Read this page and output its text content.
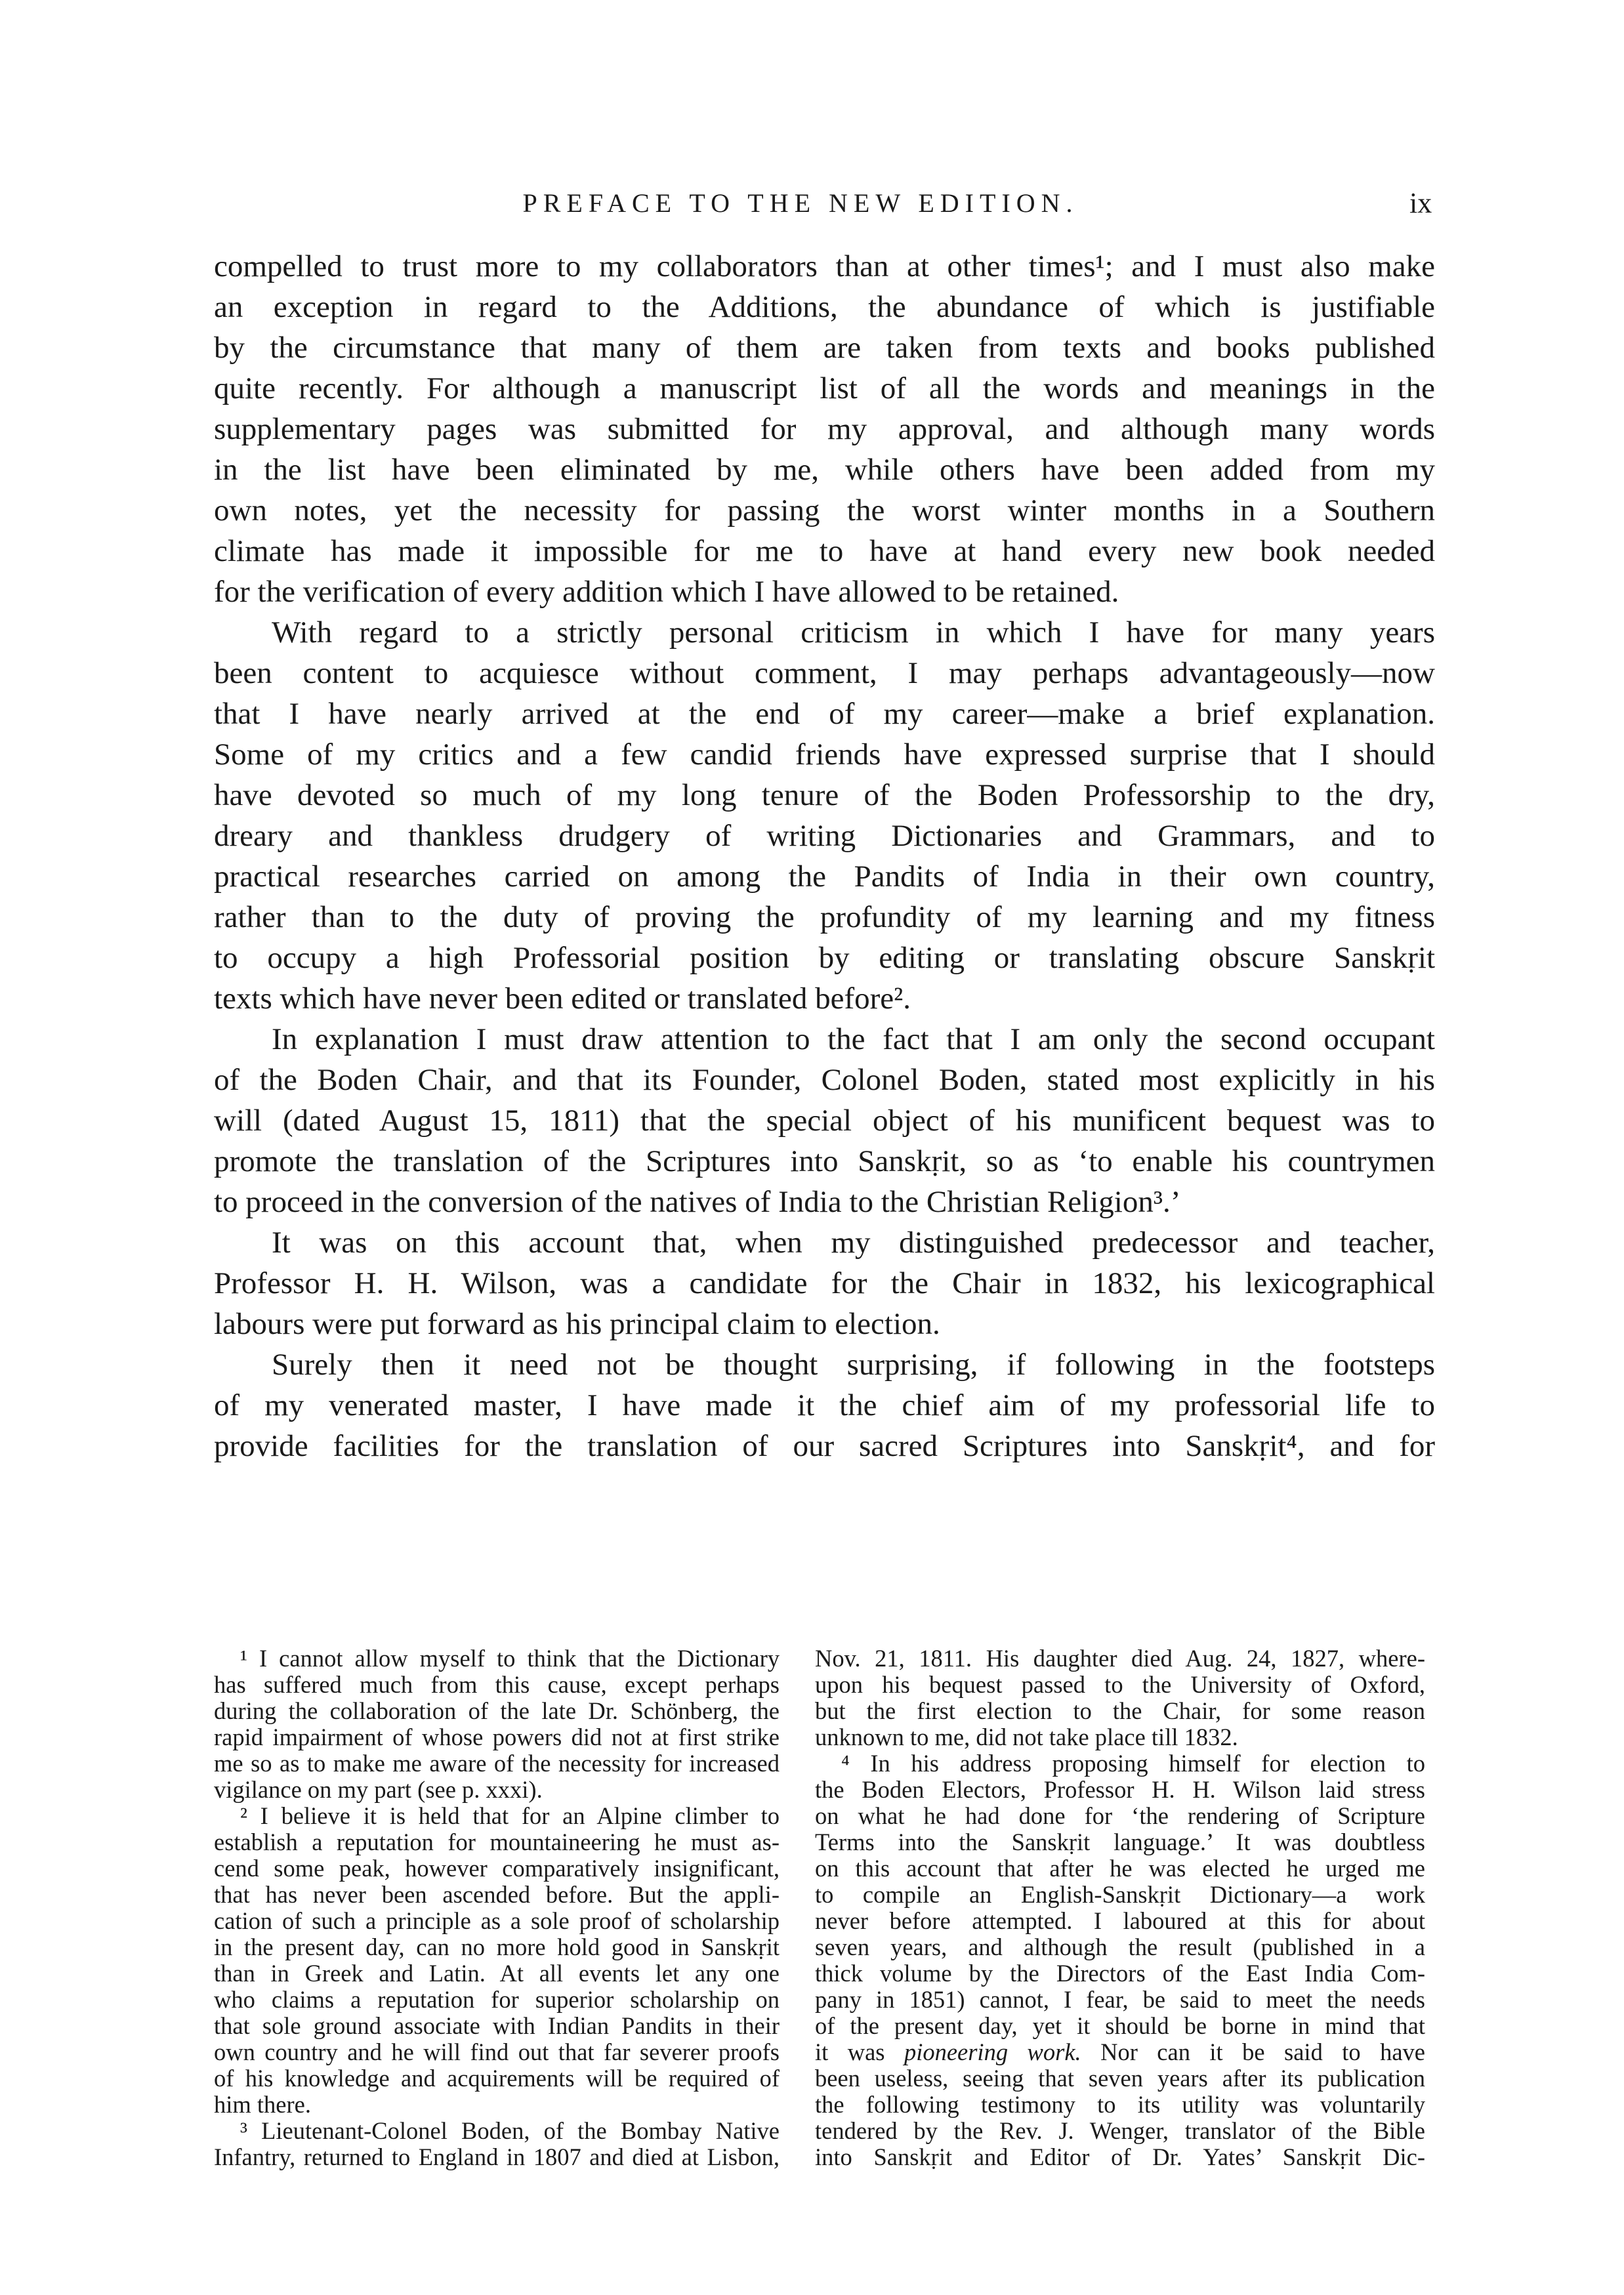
PREFACE TO THE NEW EDITION.	ix
compelled to trust more to my collaborators than at other times¹; and I must also make
an exception in regard to the Additions, the abundance of which is justifiable
by the circumstance that many of them are taken from texts and books published
quite recently. For although a manuscript list of all the words and meanings in the
supplementary pages was submitted for my approval, and although many words
in the list have been eliminated by me, while others have been added from my
own notes, yet the necessity for passing the worst winter months in a Southern
climate has made it impossible for me to have at hand every new book needed
for the verification of every addition which I have allowed to be retained.
With regard to a strictly personal criticism in which I have for many years
been content to acquiesce without comment, I may perhaps advantageously—now
that I have nearly arrived at the end of my career—make a brief explanation.
Some of my critics and a few candid friends have expressed surprise that I should
have devoted so much of my long tenure of the Boden Professorship to the dry,
dreary and thankless drudgery of writing Dictionaries and Grammars, and to
practical researches carried on among the Pandits of India in their own country,
rather than to the duty of proving the profundity of my learning and my fitness
to occupy a high Professorial position by editing or translating obscure Sanskṛit
texts which have never been edited or translated before².
In explanation I must draw attention to the fact that I am only the second occupant
of the Boden Chair, and that its Founder, Colonel Boden, stated most explicitly in his
will (dated August 15, 1811) that the special object of his munificent bequest was to
promote the translation of the Scriptures into Sanskṛit, so as ‘to enable his countrymen
to proceed in the conversion of the natives of India to the Christian Religion³.’
It was on this account that, when my distinguished predecessor and teacher,
Professor H. H. Wilson, was a candidate for the Chair in 1832, his lexicographical
labours were put forward as his principal claim to election.
Surely then it need not be thought surprising, if following in the footsteps
of my venerated master, I have made it the chief aim of my professorial life to
provide facilities for the translation of our sacred Scriptures into Sanskṛit⁴, and for
¹ I cannot allow myself to think that the Dictionary
has suffered much from this cause, except perhaps
during the collaboration of the late Dr. Schönberg, the
rapid impairment of whose powers did not at first strike
me so as to make me aware of the necessity for increased
vigilance on my part (see p. xxxi).
² I believe it is held that for an Alpine climber to
establish a reputation for mountaineering he must as-
cend some peak, however comparatively insignificant,
that has never been ascended before. But the appli-
cation of such a principle as a sole proof of scholarship
in the present day, can no more hold good in Sanskṛit
than in Greek and Latin. At all events let any one
who claims a reputation for superior scholarship on
that sole ground associate with Indian Pandits in their
own country and he will find out that far severer proofs
of his knowledge and acquirements will be required of
him there.
³ Lieutenant-Colonel Boden, of the Bombay Native
Infantry, returned to England in 1807 and died at Lisbon,
Nov. 21, 1811. His daughter died Aug. 24, 1827, where-
upon his bequest passed to the University of Oxford,
but the first election to the Chair, for some reason
unknown to me, did not take place till 1832.
⁴ In his address proposing himself for election to
the Boden Electors, Professor H. H. Wilson laid stress
on what he had done for ‘the rendering of Scripture
Terms into the Sanskṛit language.’ It was doubtless
on this account that after he was elected he urged me
to compile an English-Sanskṛit Dictionary—a work
never before attempted. I laboured at this for about
seven years, and although the result (published in a
thick volume by the Directors of the East India Com-
pany in 1851) cannot, I fear, be said to meet the needs
of the present day, yet it should be borne in mind that
it was pioneering work. Nor can it be said to have
been useless, seeing that seven years after its publication
the following testimony to its utility was voluntarily
tendered by the Rev. J. Wenger, translator of the Bible
into Sanskṛit and Editor of Dr. Yates’ Sanskṛit Dic-
